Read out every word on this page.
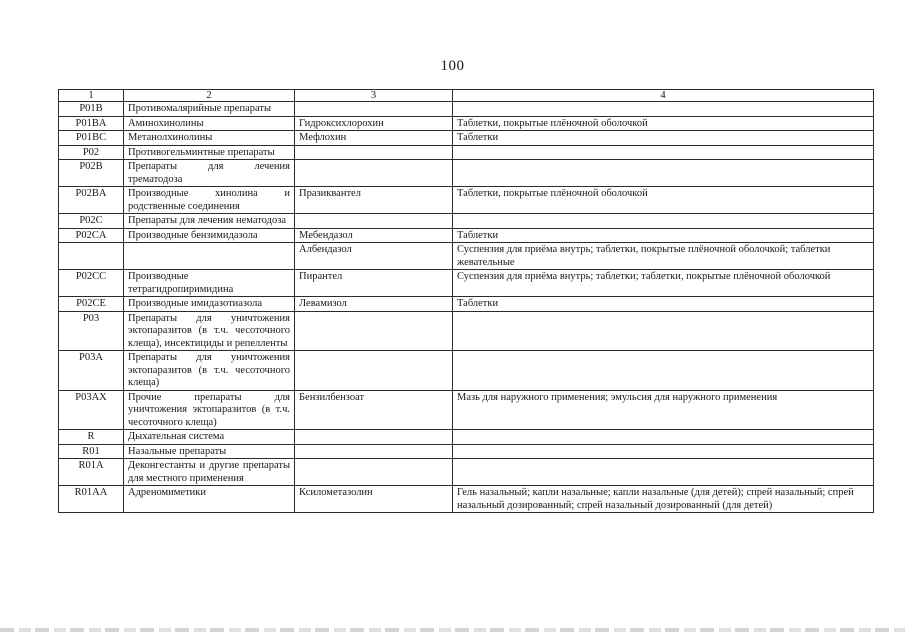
100
1	2	3	4
P01B	Противомалярийные препараты		
P01BA	Аминохинолины	Гидроксихлорохин	Таблетки, покрытые плёночной оболочкой
P01BC	Метанолхинолины	Мефлохин	Таблетки
P02	Противогельминтные препараты		
P02B	Препараты для лечения трематодоза		
P02BA	Производные хинолина и родственные соединения	Празиквантел	Таблетки, покрытые плёночной оболочкой
P02C	Препараты для лечения нематодоза		
P02CA	Производные бензимидазола	Мебендазол	Таблетки
		Албендазол	Суспензия для приёма внутрь; таблетки, покрытые плёночной оболочкой; таблетки жевательные
P02CC	Производные тетрагидропиримидина	Пирантел	Суспензия для приёма внутрь; таблетки; таблетки, покрытые плёночной оболочкой
P02CE	Производные имидазотиазола	Левамизол	Таблетки
P03	Препараты для уничтожения эктопаразитов (в т.ч. чесоточного клеща), инсектициды и репелленты		
P03A	Препараты для уничтожения эктопаразитов (в т.ч. чесоточного клеща)		
P03AX	Прочие препараты для уничтожения эктопаразитов (в т.ч. чесоточного клеща)	Бензилбензоат	Мазь для наружного применения; эмульсия для наружного применения
R	Дыхательная система		
R01	Назальные препараты		
R01A	Деконгестанты и другие препараты для местного применения		
R01AA	Адреномиметики	Ксилометазолин	Гель назальный; капли назальные; капли назальные (для детей); спрей назальный; спрей назальный дозированный; спрей назальный дозированный (для детей)
